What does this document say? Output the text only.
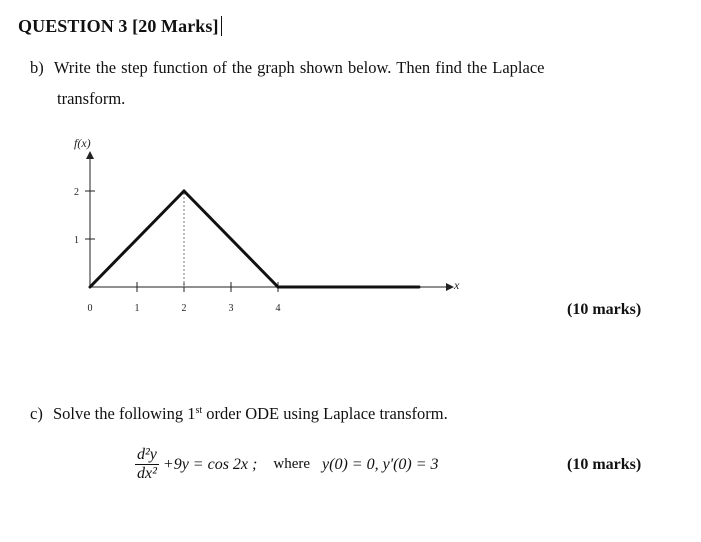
QUESTION 3 [20 Marks]
b) Write the step function of the graph shown below. Then find the Laplace
transform.
f(x)
x
0	1	2	3	4
1
2
(10 marks)
c) Solve the following 1st order ODE using Laplace transform.
$\frac{\text{d²y}}{\text{dx²}} +9y = \cos 2x$ ; where y(0) = 0, y'(0) = 3	(10 marks)
